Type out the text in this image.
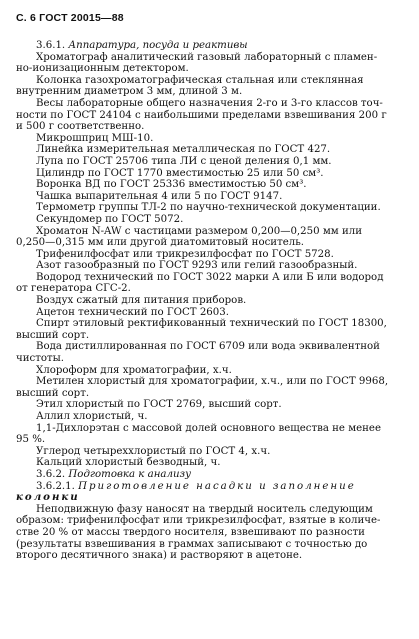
С. 6 ГОСТ 20015—88

3.6.1. Аппаратура, посуда и реактивы

Хроматограф аналитический газовый лабораторный с пламен-

но-ионизационным детектором.

Колонка газохроматографическая стальная или стеклянная

внутренним диаметром 3 мм, длиной 3 м.

Весы лабораторные общего назначения 2-го и 3-го классов точ-

ности по ГОСТ 24104 с наибольшими пределами взвешивания 200 г

и 500 г соответственно.

Микрошприц МШ-10.

Линейка измерительная металлическая по ГОСТ 427.

Лупа по ГОСТ 25706 типа ЛИ с ценой деления 0,1 мм.

Цилиндр по ГОСТ 1770 вместимостью 25 или 50 см³.

Воронка ВД по ГОСТ 25336 вместимостью 50 см³.

Чашка выпарительная 4 или 5 по ГОСТ 9147.

Термометр группы ТЛ-2 по научно-технической документации.

Секундомер по ГОСТ 5072.

Хроматон N-AW с частицами размером 0,200—0,250 мм или

0,250—0,315 мм или другой диатомитовый носитель.

Трифенилфосфат или трикрезилфосфат по ГОСТ 5728.

Азот газообразный по ГОСТ 9293 или гелий газообразный.

Водород технический по ГОСТ 3022 марки А или Б или водород

от генератора СГС-2.

Воздух сжатый для питания приборов.

Ацетон технический по ГОСТ 2603.

Спирт этиловый ректификованный технический по ГОСТ 18300,

высший сорт.

Вода дистиллированная по ГОСТ 6709 или вода эквивалентной

чистоты.

Хлороформ для хроматографии, х.ч.

Метилен хлористый для хроматографии, х.ч., или по ГОСТ 9968,

высший сорт.

Этил хлористый по ГОСТ 2769, высший сорт.

Аллил хлористый, ч.

1,1-Дихлорэтан с массовой долей основного вещества не менее

95 %.

Углерод четыреххлористый по ГОСТ 4, х.ч.

Кальций хлористый безводный, ч.

3.6.2. Подготовка к анализу

3.6.2.1. Приготовление насадки и заполнение

колонки

Неподвижную фазу наносят на твердый носитель следующим

образом: трифенилфосфат или трикрезилфосфат, взятые в количе-

стве 20 % от массы твердого носителя, взвешивают по разности

(результаты взвешивания в граммах записывают с точностью до

второго десятичного знака) и растворяют в ацетоне.
